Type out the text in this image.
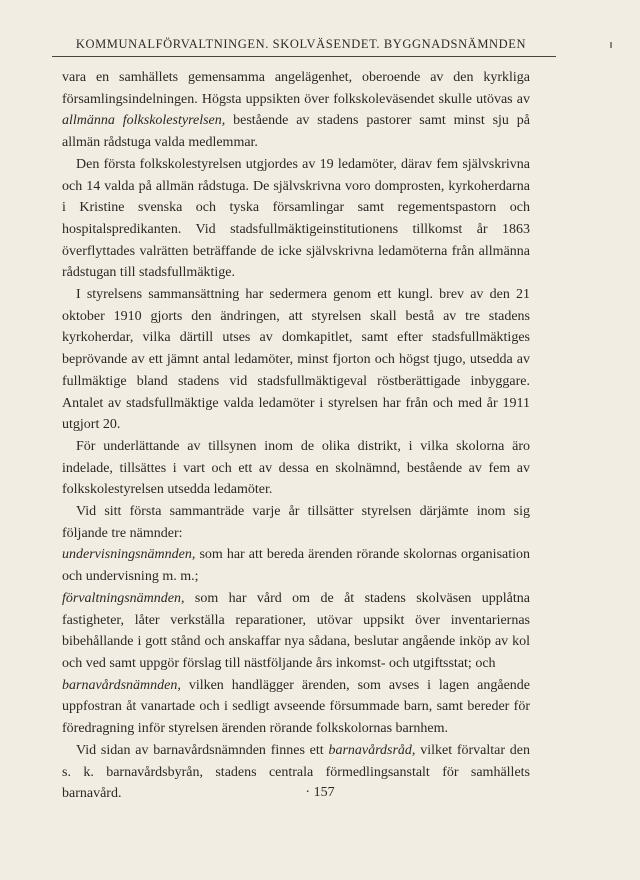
KOMMUNALFÖRVALTNINGEN. SKOLVÄSENDET. BYGGNADSNÄMNDEN

vara en samhällets gemensamma angelägenhet, oberoende av den kyrkliga församlingsindelningen. Högsta uppsikten över folkskoleväsendet skulle utövas av allmänna folkskolestyrelsen, bestående av stadens pastorer samt minst sju på allmän rådstuga valda medlemmar.

Den första folkskolestyrelsen utgjordes av 19 ledamöter, därav fem självskrivna och 14 valda på allmän rådstuga. De självskrivna voro domprosten, kyrkoherdarna i Kristine svenska och tyska församlingar samt regementspastorn och hospitalspredikanten. Vid stadsfullmäktigeinstitutionens tillkomst år 1863 överflyttades valrätten beträffande de icke självskrivna ledamöterna från allmänna rådstugan till stadsfullmäktige.

I styrelsens sammansättning har sedermera genom ett kungl. brev av den 21 oktober 1910 gjorts den ändringen, att styrelsen skall bestå av tre stadens kyrkoherdar, vilka därtill utses av domkapitlet, samt efter stadsfullmäktiges beprövande av ett jämnt antal ledamöter, minst fjorton och högst tjugo, utsedda av fullmäktige bland stadens vid stadsfullmäktigeval röstberättigade inbyggare. Antalet av stadsfullmäktige valda ledamöter i styrelsen har från och med år 1911 utgjort 20.

För underlättande av tillsynen inom de olika distrikt, i vilka skolorna äro indelade, tillsättes i vart och ett av dessa en skolnämnd, bestående av fem av folkskolestyrelsen utsedda ledamöter.

Vid sitt första sammanträde varje år tillsätter styrelsen därjämte inom sig följande tre nämnder:

undervisningsnämnden, som har att bereda ärenden rörande skolornas organisation och undervisning m. m.;

förvaltningsnämnden, som har vård om de åt stadens skolväsen upplåtna fastigheter, låter verkställa reparationer, utövar uppsikt över inventariernas bibehållande i gott stånd och anskaffar nya sådana, beslutar angående inköp av kol och ved samt uppgör förslag till nästföljande års inkomst- och utgiftsstat; och

barnavårdsnämnden, vilken handlägger ärenden, som avses i lagen angående uppfostran åt vanartade och i sedligt avseende försummade barn, samt bereder för föredragning inför styrelsen ärenden rörande folkskolornas barnhem.

Vid sidan av barnavårdsnämnden finnes ett barnavårdsråd, vilket förvaltar den s. k. barnavårdsbyrån, stadens centrala förmedlingsanstalt för samhällets barnavård.	· 157
